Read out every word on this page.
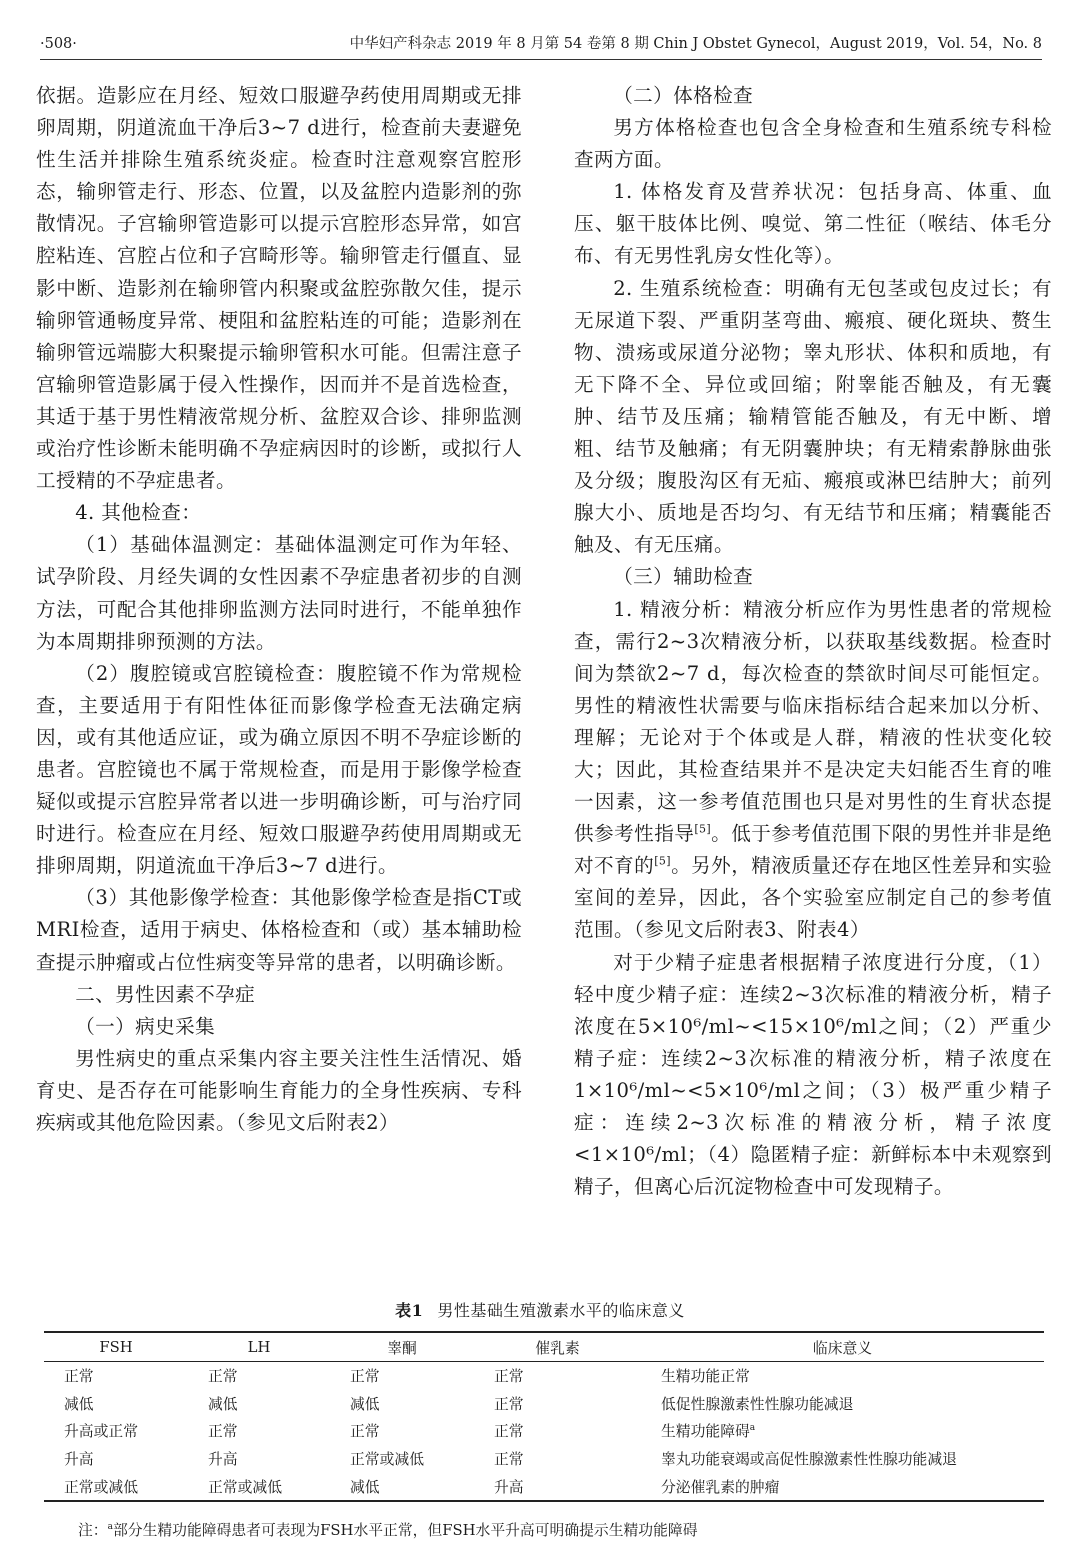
·508·	中华妇产科杂志 2019 年 8 月第 54 卷第 8 期 Chin J Obstet Gynecol，August 2019，Vol. 54，No. 8

依据。造影应在月经、短效口服避孕药使用周期或无排卵周期，阴道流血干净后3~7 d进行，检查前夫妻避免性生活并排除生殖系统炎症。检查时注意观察宫腔形态，输卵管走行、形态、位置，以及盆腔内造影剂的弥散情况。子宫输卵管造影可以提示宫腔形态异常，如宫腔粘连、宫腔占位和子宫畸形等。输卵管走行僵直、显影中断、造影剂在输卵管内积聚或盆腔弥散欠佳，提示输卵管通畅度异常、梗阻和盆腔粘连的可能；造影剂在输卵管远端膨大积聚提示输卵管积水可能。但需注意子宫输卵管造影属于侵入性操作，因而并不是首选检查，其适于基于男性精液常规分析、盆腔双合诊、排卵监测或治疗性诊断未能明确不孕症病因时的诊断，或拟行人工授精的不孕症患者。

4. 其他检查：

（1）基础体温测定：基础体温测定可作为年轻、试孕阶段、月经失调的女性因素不孕症患者初步的自测方法，可配合其他排卵监测方法同时进行，不能单独作为本周期排卵预测的方法。

（2）腹腔镜或宫腔镜检查：腹腔镜不作为常规检查，主要适用于有阳性体征而影像学检查无法确定病因，或有其他适应证，或为确立原因不明不孕症诊断的患者。宫腔镜也不属于常规检查，而是用于影像学检查疑似或提示宫腔异常者以进一步明确诊断，可与治疗同时进行。检查应在月经、短效口服避孕药使用周期或无排卵周期，阴道流血干净后3~7 d进行。

（3）其他影像学检查：其他影像学检查是指CT或MRI检查，适用于病史、体格检查和（或）基本辅助检查提示肿瘤或占位性病变等异常的患者，以明确诊断。

二、男性因素不孕症

（一）病史采集

男性病史的重点采集内容主要关注性生活情况、婚育史、是否存在可能影响生育能力的全身性疾病、专科疾病或其他危险因素。（参见文后附表2）

（二）体格检查

男方体格检查也包含全身检查和生殖系统专科检查两方面。

1. 体格发育及营养状况：包括身高、体重、血压、躯干肢体比例、嗅觉、第二性征（喉结、体毛分布、有无男性乳房女性化等）。

2. 生殖系统检查：明确有无包茎或包皮过长；有无尿道下裂、严重阴茎弯曲、瘢痕、硬化斑块、赘生物、溃疡或尿道分泌物；睾丸形状、体积和质地，有无下降不全、异位或回缩；附睾能否触及，有无囊肿、结节及压痛；输精管能否触及，有无中断、增粗、结节及触痛；有无阴囊肿块；有无精索静脉曲张及分级；腹股沟区有无疝、瘢痕或淋巴结肿大；前列腺大小、质地是否均匀、有无结节和压痛；精囊能否触及、有无压痛。

（三）辅助检查

1. 精液分析：精液分析应作为男性患者的常规检查，需行2~3次精液分析，以获取基线数据。检查时间为禁欲2~7 d，每次检查的禁欲时间尽可能恒定。男性的精液性状需要与临床指标结合起来加以分析、理解；无论对于个体或是人群，精液的性状变化较大；因此，其检查结果并不是决定夫妇能否生育的唯一因素，这一参考值范围也只是对男性的生育状态提供参考性指导[5]。低于参考值范围下限的男性并非是绝对不育的[5]。另外，精液质量还存在地区性差异和实验室间的差异，因此，各个实验室应制定自己的参考值范围。（参见文后附表3、附表4）

对于少精子症患者根据精子浓度进行分度，（1）轻中度少精子症：连续2~3次标准的精液分析，精子浓度在5×10⁶/ml~<15×10⁶/ml之间；（2）严重少精子症：连续2~3次标准的精液分析，精子浓度在1×10⁶/ml~<5×10⁶/ml之间；（3）极严重少精子症：连续2~3次标准的精液分析，精子浓度<1×10⁶/ml；（4）隐匿精子症：新鲜标本中未观察到精子，但离心后沉淀物检查中可发现精子。

表1 男性基础生殖激素水平的临床意义
FSH	LH	睾酮	催乳素	临床意义
正常	正常	正常	正常	生精功能正常
减低	减低	减低	正常	低促性腺激素性性腺功能减退
升高或正常	正常	正常	正常	生精功能障碍$^a$
升高	升高	正常或减低	正常	睾丸功能衰竭或高促性腺激素性性腺功能减退
正常或减低	正常或减低	减低	升高	分泌催乳素的肿瘤
注：$^a$部分生精功能障碍患者可表现为FSH水平正常，但FSH水平升高可明确提示生精功能障碍
